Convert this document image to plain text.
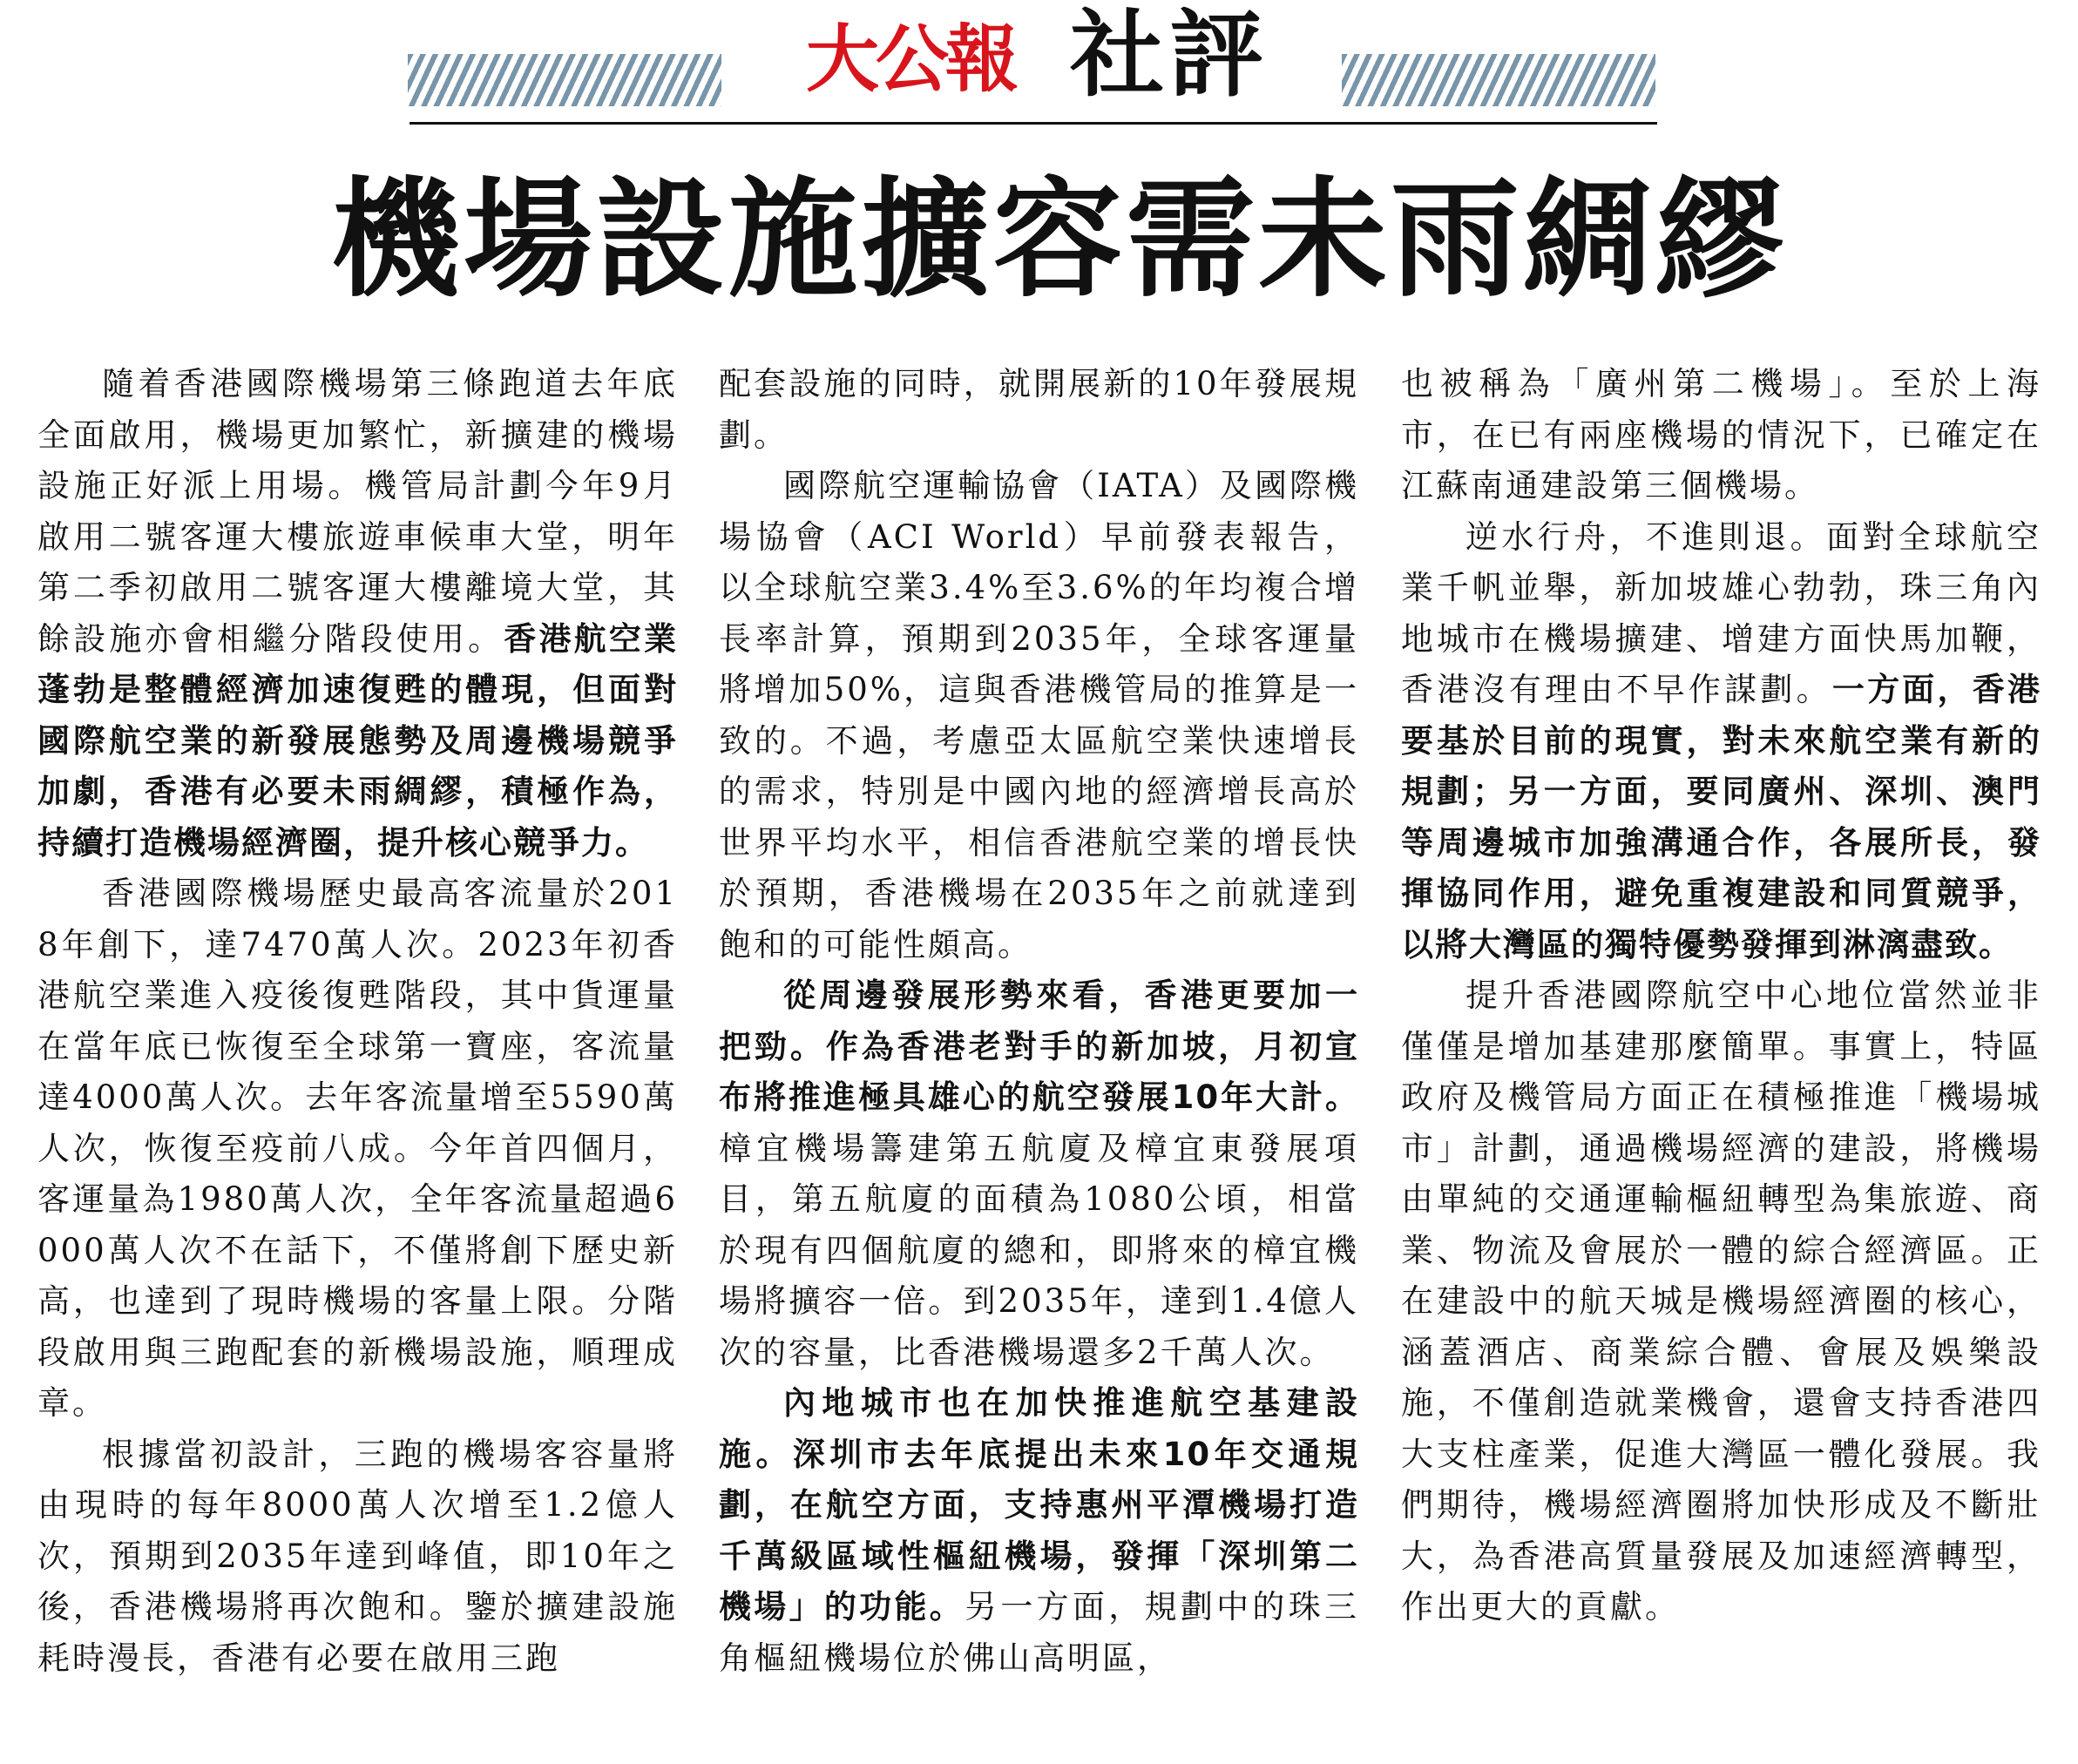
大公報 社評
機場設施擴容需未雨綢繆

隨着香港國際機場第三條跑道去年底全面啟用，機場更加繁忙，新擴建的機場設施正好派上用場。機管局計劃今年9月啟用二號客運大樓旅遊車候車大堂，明年第二季初啟用二號客運大樓離境大堂，其餘設施亦會相繼分階段使用。香港航空業蓬勃是整體經濟加速復甦的體現，但面對國際航空業的新發展態勢及周邊機場競爭加劇，香港有必要未雨綢繆，積極作為，持續打造機場經濟圈，提升核心競爭力。

香港國際機場歷史最高客流量於2018年創下，達7470萬人次。2023年初香港航空業進入疫後復甦階段，其中貨運量在當年底已恢復至全球第一寶座，客流量達4000萬人次。去年客流量增至5590萬人次，恢復至疫前八成。今年首四個月，客運量為1980萬人次，全年客流量超過6000萬人次不在話下，不僅將創下歷史新高，也達到了現時機場的客量上限。分階段啟用與三跑配套的新機場設施，順理成章。

根據當初設計，三跑的機場客容量將由現時的每年8000萬人次增至1.2億人次，預期到2035年達到峰值，即10年之後，香港機場將再次飽和。鑒於擴建設施耗時漫長，香港有必要在啟用三跑

配套設施的同時，就開展新的10年發展規劃。

國際航空運輸協會（IATA）及國際機場協會（ACI World）早前發表報告，以全球航空業3.4%至3.6%的年均複合增長率計算，預期到2035年，全球客運量將增加50%，這與香港機管局的推算是一致的。不過，考慮亞太區航空業快速增長的需求，特別是中國內地的經濟增長高於世界平均水平，相信香港航空業的增長快於預期，香港機場在2035年之前就達到飽和的可能性頗高。

從周邊發展形勢來看，香港更要加一把勁。作為香港老對手的新加坡，月初宣布將推進極具雄心的航空發展10年大計。樟宜機場籌建第五航廈及樟宜東發展項目，第五航廈的面積為1080公頃，相當於現有四個航廈的總和，即將來的樟宜機場將擴容一倍。到2035年，達到1.4億人次的容量，比香港機場還多2千萬人次。

內地城市也在加快推進航空基建設施。深圳市去年底提出未來10年交通規劃，在航空方面，支持惠州平潭機場打造千萬級區域性樞紐機場，發揮「深圳第二機場」的功能。另一方面，規劃中的珠三角樞紐機場位於佛山高明區，

也被稱為「廣州第二機場」。至於上海市，在已有兩座機場的情況下，已確定在江蘇南通建設第三個機場。

逆水行舟，不進則退。面對全球航空業千帆並舉，新加坡雄心勃勃，珠三角內地城市在機場擴建、增建方面快馬加鞭，香港沒有理由不早作謀劃。一方面，香港要基於目前的現實，對未來航空業有新的規劃；另一方面，要同廣州、深圳、澳門等周邊城市加強溝通合作，各展所長，發揮協同作用，避免重複建設和同質競爭，以將大灣區的獨特優勢發揮到淋漓盡致。

提升香港國際航空中心地位當然並非僅僅是增加基建那麼簡單。事實上，特區政府及機管局方面正在積極推進「機場城市」計劃，通過機場經濟的建設，將機場由單純的交通運輸樞紐轉型為集旅遊、商業、物流及會展於一體的綜合經濟區。正在建設中的航天城是機場經濟圈的核心，涵蓋酒店、商業綜合體、會展及娛樂設施，不僅創造就業機會，還會支持香港四大支柱產業，促進大灣區一體化發展。我們期待，機場經濟圈將加快形成及不斷壯大，為香港高質量發展及加速經濟轉型，作出更大的貢獻。
